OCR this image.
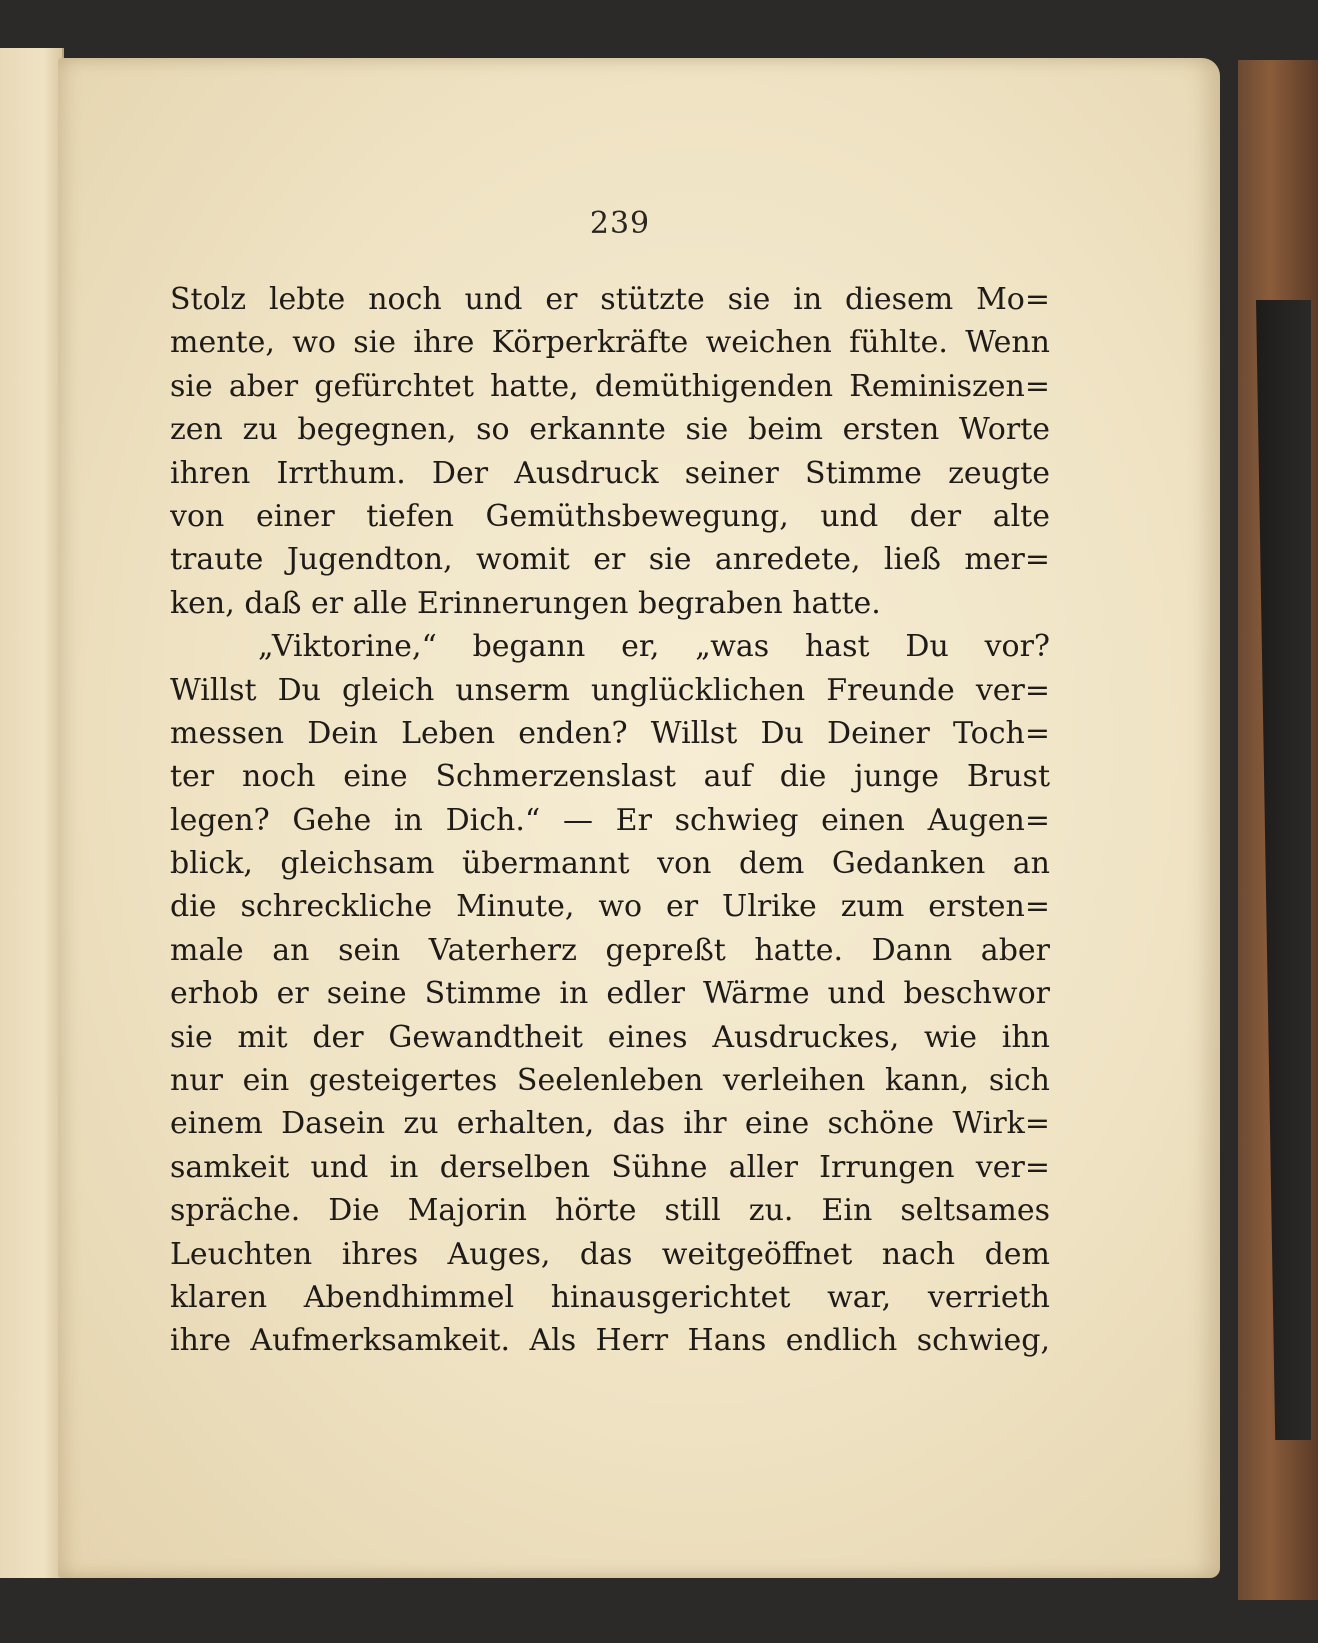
239
Stolz lebte noch und er stützte sie in diesem Mo=
mente, wo sie ihre Körperkräfte weichen fühlte. Wenn
sie aber gefürchtet hatte, demüthigenden Reminiszen=
zen zu begegnen, so erkannte sie beim ersten Worte
ihren Irrthum. Der Ausdruck seiner Stimme zeugte
von einer tiefen Gemüthsbewegung, und der alte
traute Jugendton, womit er sie anredete, ließ mer=
ken, daß er alle Erinnerungen begraben hatte.
„Viktorine,“ begann er, „was hast Du vor?
Willst Du gleich unserm unglücklichen Freunde ver=
messen Dein Leben enden? Willst Du Deiner Toch=
ter noch eine Schmerzenslast auf die junge Brust
legen? Gehe in Dich.“ — Er schwieg einen Augen=
blick, gleichsam übermannt von dem Gedanken an
die schreckliche Minute, wo er Ulrike zum ersten=
male an sein Vaterherz gepreßt hatte. Dann aber
erhob er seine Stimme in edler Wärme und beschwor
sie mit der Gewandtheit eines Ausdruckes, wie ihn
nur ein gesteigertes Seelenleben verleihen kann, sich
einem Dasein zu erhalten, das ihr eine schöne Wirk=
samkeit und in derselben Sühne aller Irrungen ver=
spräche. Die Majorin hörte still zu. Ein seltsames
Leuchten ihres Auges, das weitgeöffnet nach dem
klaren Abendhimmel hinausgerichtet war, verrieth
ihre Aufmerksamkeit. Als Herr Hans endlich schwieg,
